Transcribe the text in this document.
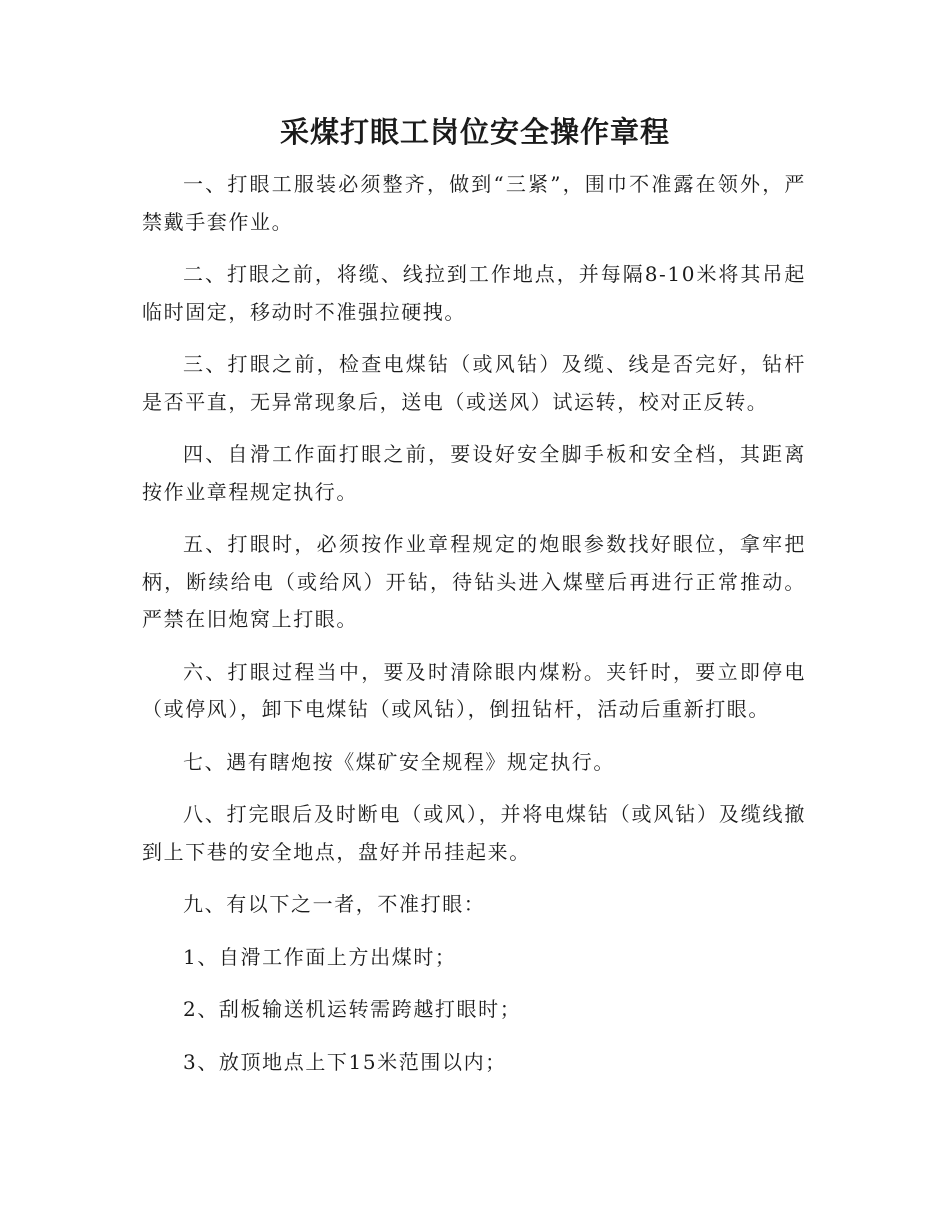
采煤打眼工岗位安全操作章程

一、打眼工服装必须整齐，做到“三紧”，围巾不准露在领外，严禁戴手套作业。

二、打眼之前，将缆、线拉到工作地点，并每隔8-10米将其吊起临时固定，移动时不准强拉硬拽。

三、打眼之前，检查电煤钻（或风钻）及缆、线是否完好，钻杆是否平直，无异常现象后，送电（或送风）试运转，校对正反转。

四、自滑工作面打眼之前，要设好安全脚手板和安全档，其距离按作业章程规定执行。

五、打眼时，必须按作业章程规定的炮眼参数找好眼位，拿牢把柄，断续给电（或给风）开钻，待钻头进入煤壁后再进行正常推动。严禁在旧炮窝上打眼。

六、打眼过程当中，要及时清除眼内煤粉。夹钎时，要立即停电（或停风），卸下电煤钻（或风钻），倒扭钻杆，活动后重新打眼。

七、遇有瞎炮按《煤矿安全规程》规定执行。

八、打完眼后及时断电（或风），并将电煤钻（或风钻）及缆线撤到上下巷的安全地点，盘好并吊挂起来。

九、有以下之一者，不准打眼：

1、自滑工作面上方出煤时；

2、刮板输送机运转需跨越打眼时；

3、放顶地点上下15米范围以内；
